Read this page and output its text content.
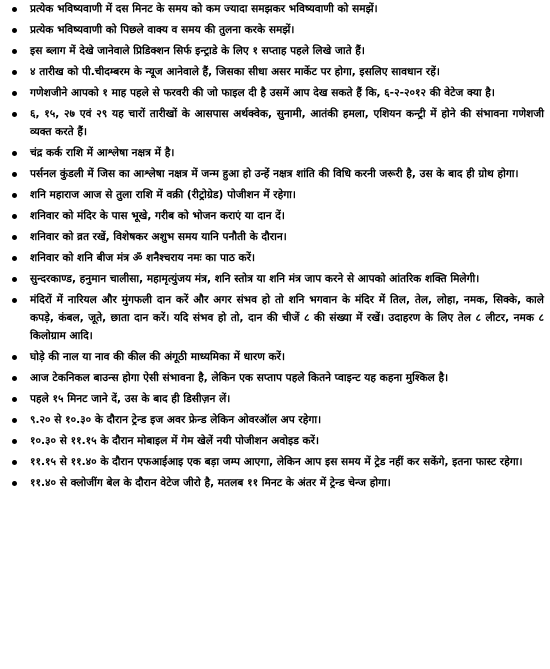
प्रत्येक भविष्यवाणी में दस मिनट के समय को कम ज्यादा समझकर भविष्यवाणी को समझें।
प्रत्येक भविष्यवाणी को पिछले वाक्य व समय की तुलना करके समझें।
इस ब्लाग में देखे जानेवाले प्रिडिक्शन सिर्फ इन्ट्राडे के लिए १ सप्ताह पहले लिखे जाते हैं।
४ तारीख को पी.चीदम्बरम के न्यूज आनेवाले हैं, जिसका सीधा असर मार्केट पर होगा, इसलिए सावधान रहें।
गणेशजीने आपको १ माह पहले से फरवरी की जो फाइल दी है उसमें आप देख सकते हैं कि, ६-२-२०१२ की वेटेज क्या है।
६, १५, २७ एवं २९ यह चारों तारीखों के आसपास अर्थक्वेक, सुनामी, आतंकी हमला, एशियन कन्ट्री में होने की संभावना गणेशजी व्यक्त करते हैं।
चंद्र कर्क राशि में आश्लेषा नक्षत्र में है।
पर्सनल कुंडली में जिस का आश्लेषा नक्षत्र में जन्म हुआ हो उन्हें नक्षत्र शांति की विधि करनी जरूरी है, उस के बाद ही ग्रोथ होगा।
शनि महाराज आज से तुला राशि में वक्री (रीट्रोग्रेड) पोजीशन में रहेगा।
शनिवार को मंदिर के पास भूखे, गरीब को भोजन कराएं या दान दें।
शनिवार को व्रत रखें, विशेषकर अशुभ समय यानि पनौती के दौरान।
शनिवार को शनि बीज मंत्र ॐ शनैश्चराय नमः का पाठ करें।
सुन्दरकाण्ड, हनुमान चालीसा, महामृत्युंजय मंत्र, शनि स्तोत्र या शनि मंत्र जाप करने से आपको आंतरिक शक्ति मिलेगी।
मंदिरों में नारियल और मुंगफली दान करें और अगर संभव हो तो शनि भगवान के मंदिर में तिल, तेल, लोहा, नमक, सिक्के, काले कपड़े, कंबल, जूते, छाता दान करें। यदि संभव हो तो, दान की चीजें ८ की संख्या में रखें। उदाहरण के लिए तेल ८ लीटर, नमक ८ किलोग्राम आदि।
घोड़े की नाल या नाव की कील की अंगूठी माध्यमिका में धारण करें।
आज टेकनिकल बाउन्स होगा ऐसी संभावना है, लेकिन एक सप्ताप पहले कितने प्वाइन्ट यह कहना मुश्किल है।
पहले १५ मिनट जाने दें, उस के बाद ही डिसीज़न लें।
९.२० से १०.३० के दौरान ट्रेन्ड इज अवर फ्रेन्ड लेकिन ओवरऑल अप रहेगा।
१०.३० से ११.१५ के दौरान मोबाइल में गेम खेलें नयी पोजीशन अवोइड करें।
११.१५ से ११.४० के दौरान एफआईआइ एक बड़ा जम्प आएगा, लेकिन आप इस समय में ट्रेड नहीं कर सकेंगे, इतना फास्ट रहेगा।
११.४० से क्लोजींग बेल के दौरान वेटेज जीरो है, मतलब ११ मिनट के अंतर में ट्रेन्ड चेन्ज होगा।
